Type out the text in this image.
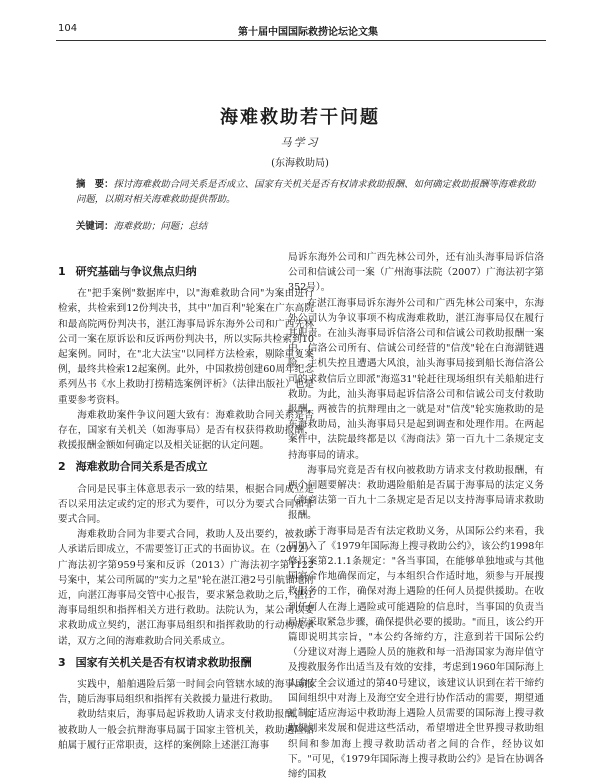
104	第十届中国国际救捞论坛论文集
海难救助若干问题
马学习
(东海救助局)
摘　要：探讨海难救助合同关系是否成立、国家有关机关是否有权请求救助报酬、如何确定救助报酬等海难救助问题，以期对相关海难救助提供帮助。
关键词：海难救助；问题；总结
1 研究基础与争议焦点归纳

在"把手案例"数据库中，以"海难救助合同"为案由进行检索，共检索到12份判决书，其中"加百利"轮案在广东高院和最高院两份判决书，湛江海事局诉东海外公司和广西先林公司一案在原诉讼和反诉两份判决书，所以实际共检索到10起案例。同时，在"北大法宝"以同样方法检索，剔除重复案例，最终共检索12起案例。此外，中国救捞创建60周年纪念系列丛书《水上救助打捞精选案例评析》（法律出版社）也是重要参考资料。

海难救助案件争议问题大致有：海难救助合同关系是否存在，国家有关机关（如海事局）是否有权获得救助报酬，救援报酬金额如何确定以及相关证据的认定问题。

2 海难救助合同关系是否成立

合同是民事主体意思表示一致的结果，根据合同成立是否以采用法定或约定的形式为要件，可以分为要式合同和非要式合同。

海难救助合同为非要式合同，救助人及出要约，被救助人承诺后即成立，不需要签订正式的书面协议。在（2012）广海法初字第959号案和反诉（2013）广海法初字第1122号案中，某公司所属的"实力之星"轮在湛江港2号引航锚地附近，向湛江海事局交管中心报告，要求紧急救助之后，湛江海事局组织和指挥相关方进行救助。法院认为，某公司以要求救助成立契约，湛江海事局组织和指挥救助的行动构成承诺，双方之间的海难救助合同关系成立。

3 国家有关机关是否有权请求救助报酬

实践中，船舶遇险后第一时间会向管辖水域的海事局报告，随后海事局组织和指挥有关救援力量进行救助。

救助结束后，海事局起诉救助人请求支付救助报酬，而被救助人一般会抗辩海事局属于国家主管机关，救助遇险船舶属于履行正常职责，这样的案例除上述湛江海事

局诉东海外公司和广西先林公司外，还有汕头海事局诉信洛公司和信诚公司一案（广州海事法院（2007）广海法初字第352号）。

在湛江海事局诉东海外公司和广西先林公司案中，东海外公司认为争议事项不构成海难救助，湛江海事局仅在履行其职责。在汕头海事局诉信洛公司和信诚公司救助报酬一案中，信洛公司所有、信诚公司经营的"信茂"轮在白海湖链遇险，主机失控且遭遇大风浪，汕头海事局接到船长海信洛公司的求救信后立即派"海巡31"轮赶往现场组织有关船舶进行救助。为此，汕头海事局起诉信洛公司和信诚公司支付救助报酬。两被告的抗辩理由之一就是对"信茂"轮实施救助的是东海救助局，汕头海事局只是起到调查和处理作用。在两起案件中，法院最终都是以《海商法》第一百九十二条规定支持海事局的请求。

海事局究竟是否有权向被救助方请求支付救助报酬，有两个问题要解决：救助遇险船舶是否属于海事局的法定义务（海商法第一百九十二条规定是否足以支持海事局请求救助报酬。

关于海事局是否有法定救助义务，从国际公约来看，我国加入了《1979年国际海上搜寻救助公约》，该公约1998年修订案第2.1.1条规定："各当事国，在能够单独地或与其他国家合作地确保而定，与本组织合作适时地，须参与开展搜救服务的工作，确保对海上遇险的任何人员提供援助。在收到任何人在海上遇险或可能遇险的信息时，当事国的负责当局应采取紧急步骤，确保提供必要的援助。"而且，该公约开篇即说明其宗旨，"本公约各缔约方，注意到若干国际公约（分建议对海上遇险人员的施救和每一沿海国家为海岸值守及搜救服务作出适当及有效的安排，考虑到1960年国际海上人命安全会议通过的第40号建议，该建议认识到在若干缔约国间组织中对海上及海空安全进行协作活动的需要，期望通过制定适应海运中救助海上遇险人员需要的国际海上搜寻救助规划来发展和促进这些活动，希望增进全世界搜寻救助组织间和参加海上搜寻救助活动者之间的合作，经协议如下。"可见，《1979年国际海上搜寻救助公约》是旨在协调各缔约国救
